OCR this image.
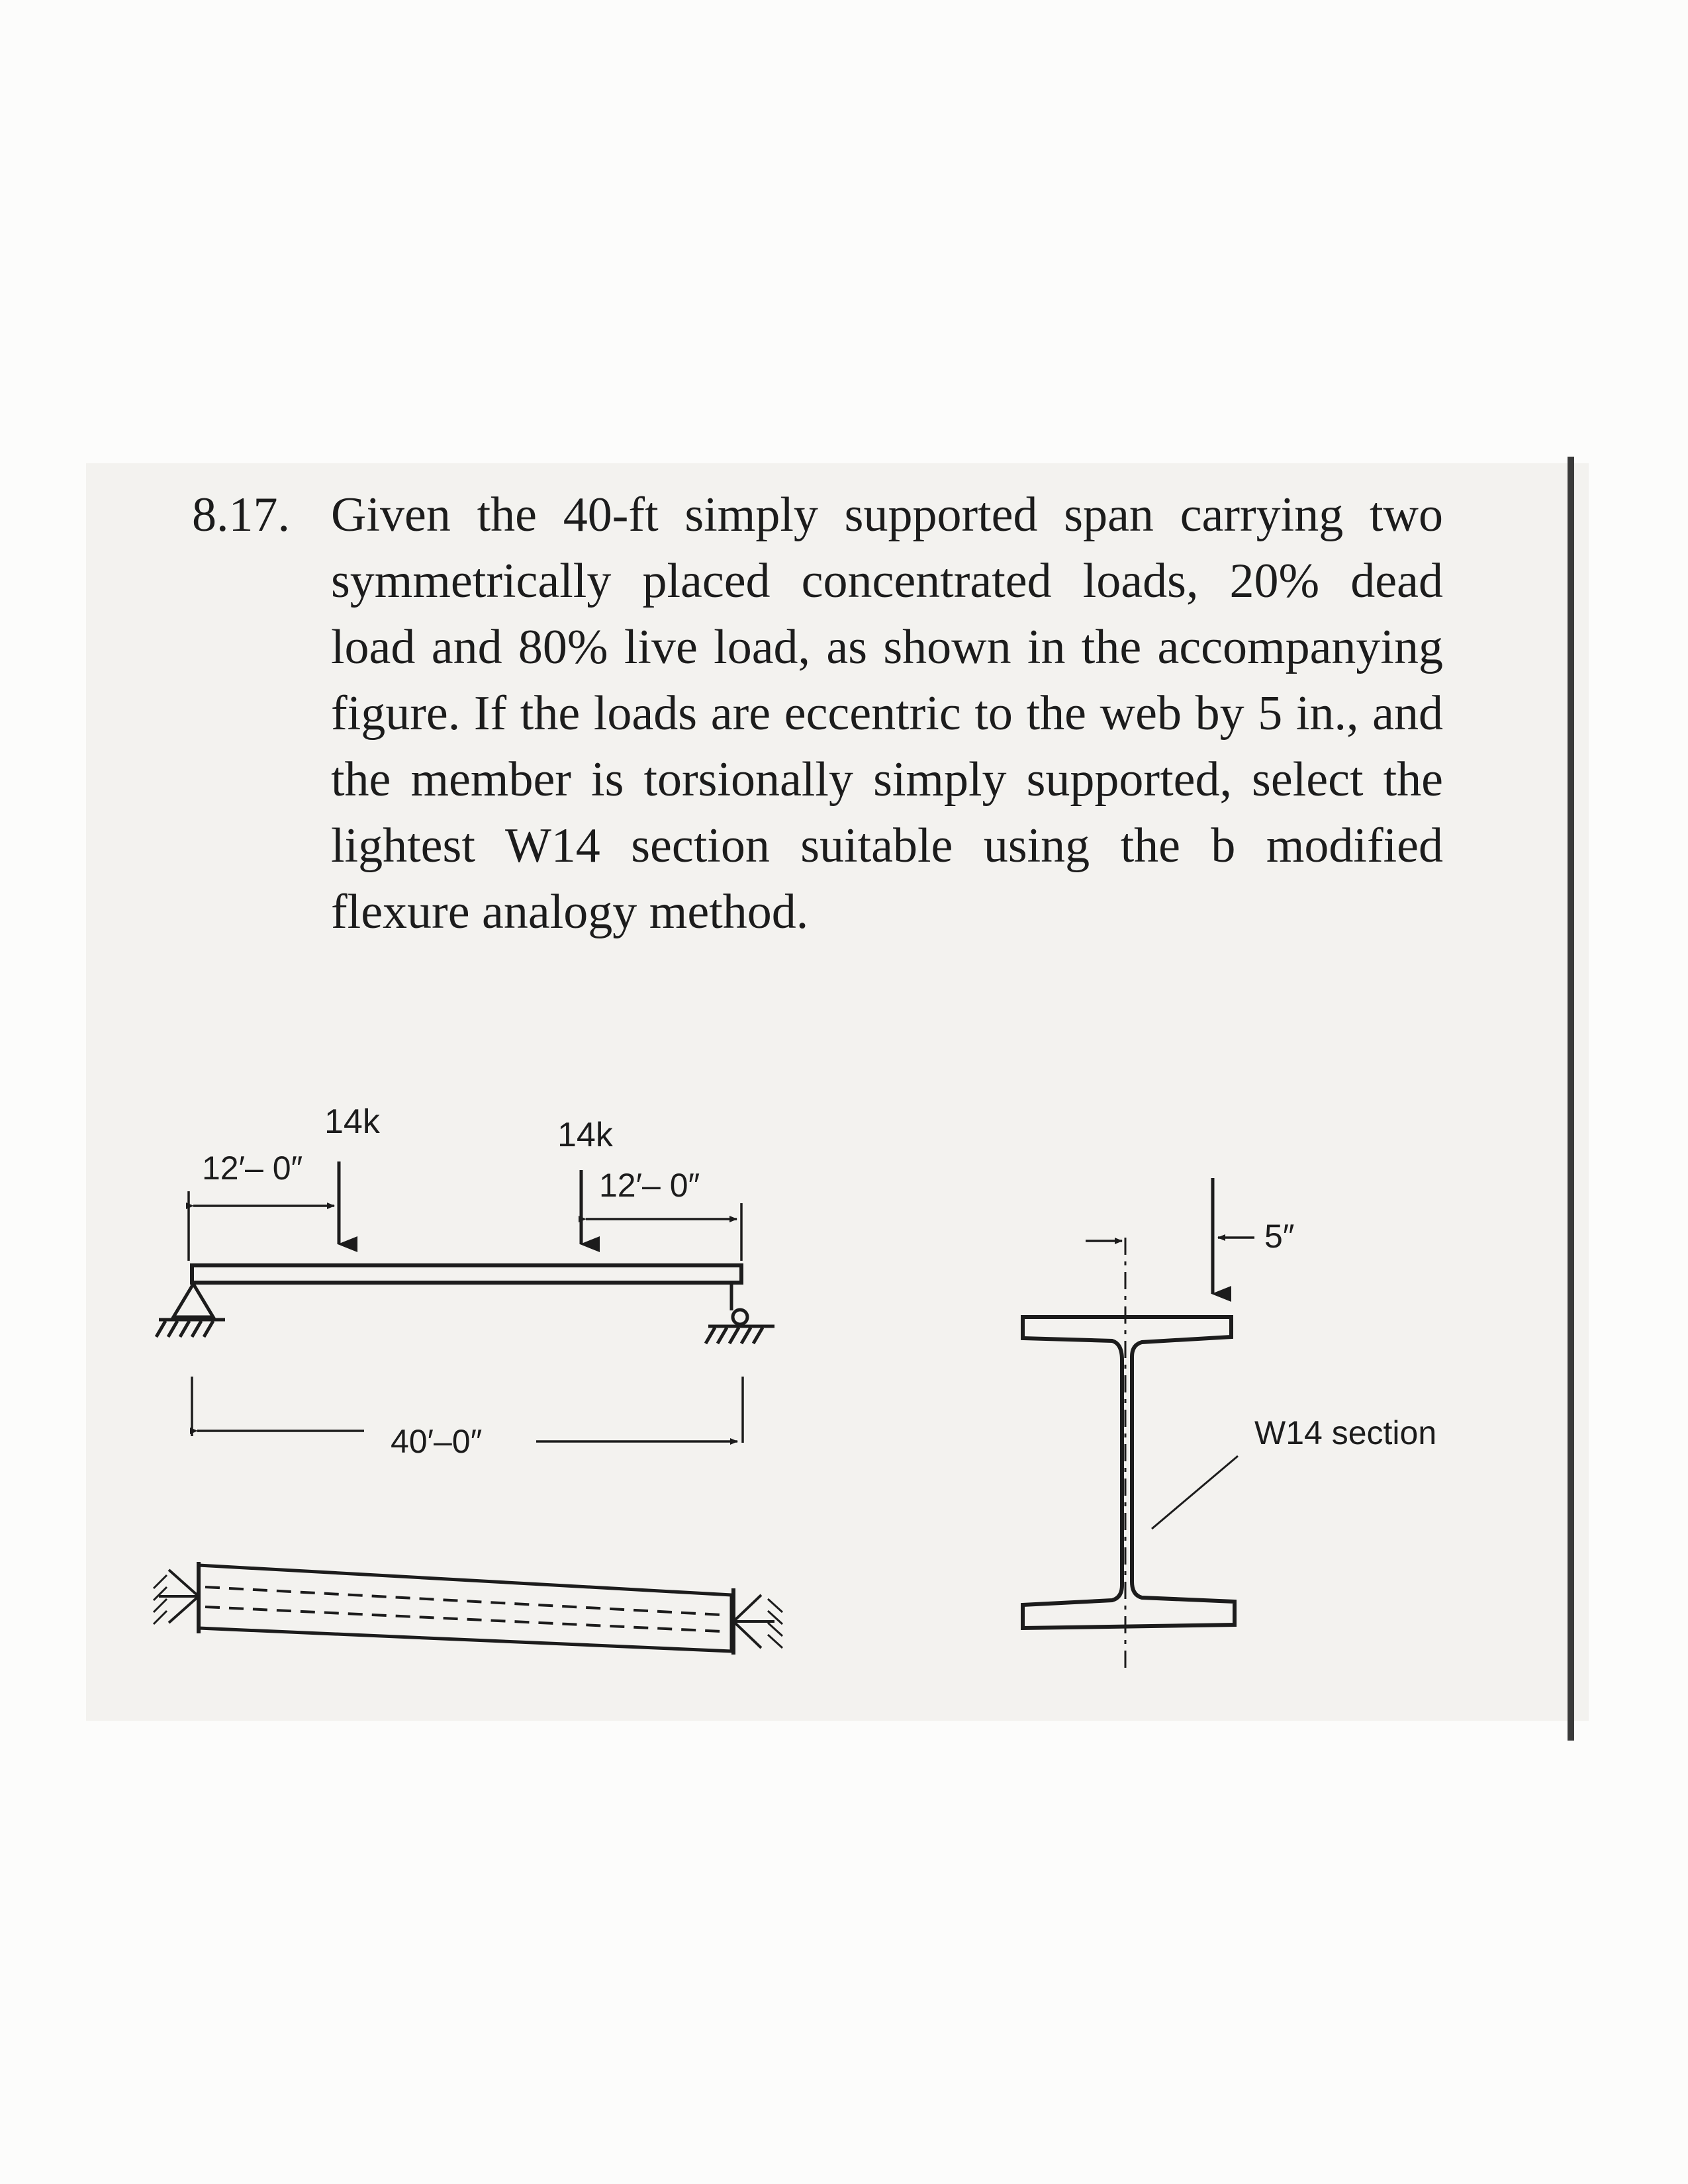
8.17. Given the 40-ft simply supported span carrying two symmetrically placed concentrated loads, 20% dead load and 80% live load, as shown in the accompanying figure. If the loads are eccentric to the web by 5 in., and the member is torsionally simply supported, select the lightest W14 section suitable using the b modified flexure analogy method.
14k	14k
12′– 0″	12′– 0″
40′–0″
5″
W14 section
